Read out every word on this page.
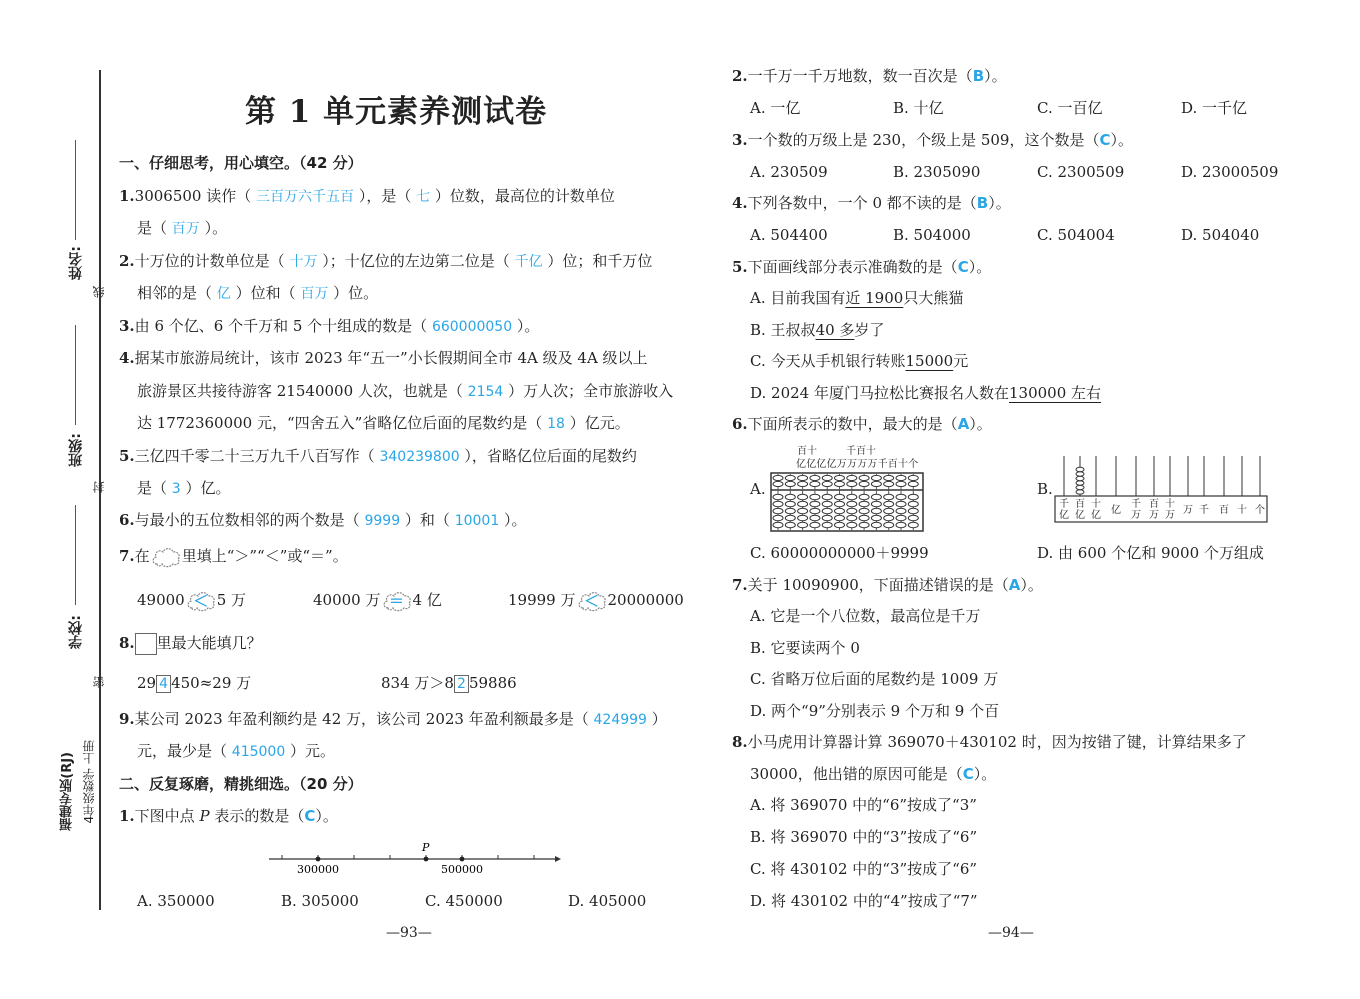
姓名:
线
班级:
封
学校:
密
福建专版(RJ) 4年级数学 上册
第 1 单元素养测试卷
一、仔细思考，用心填空。（42 分）
1.3006500 读作（ 三百万六千五百 ），是（ 七 ）位数，最高位的计数单位
是（ 百万 ）。
2.十万位的计数单位是（ 十万 ）；十亿位的左边第二位是（ 千亿 ）位；和千万位
相邻的是（ 亿 ）位和（ 百万 ）位。
3.由 6 个亿、6 个千万和 5 个十组成的数是（ 660000050 ）。
4.据某市旅游局统计，该市 2023 年“五一”小长假期间全市 4A 级及 4A 级以上
旅游景区共接待游客 21540000 人次，也就是（ 2154 ）万人次；全市旅游收入
达 1772360000 元，“四舍五入”省略亿位后面的尾数约是（ 18 ）亿元。
5.三亿四千零二十三万九千八百写作（ 340239800 ），省略亿位后面的尾数约
是（ 3 ）亿。
6.与最小的五位数相邻的两个数是（ 9999 ）和（ 10001 ）。
7.在 里填上“＞”“＜”或“＝”。
49000 ＜ 5 万	40000 万 ＝ 4 亿	19999 万 ＜ 20000000
8. 里最大能填几？
29 4 450≈29 万	834 万＞8 2 59886
9.某公司 2023 年盈利额约是 42 万，该公司 2023 年盈利额最多是（ 424999 ）
元，最少是（ 415000 ）元。
二、反复琢磨，精挑细选。（20 分）
1.下图中点 P 表示的数是（C）。
P
300000	500000
A. 350000	B. 305000	C. 450000	D. 405000
—93—
2.一千万一千万地数，数一百次是（B）。
A. 一亿	B. 十亿	C. 一百亿	D. 一千亿
3.一个数的万级上是 230，个级上是 509，这个数是（C）。
A. 230509	B. 2305090	C. 2300509	D. 23000509
4.下列各数中，一个 0 都不读的是（B）。
A. 504400	B. 504000	C. 504004	D. 504040
5.下面画线部分表示准确数的是（C）。
A. 目前我国有近 1900只大熊猫
B. 王叔叔40 多岁了
C. 今天从手机银行转账15000元
D. 2024 年厦门马拉松比赛报名人数在130000 左右
6.下面所表示的数中，最大的是（A）。
A.
百十	千百十
亿亿亿亿万万万万千百十个
B.
千
亿
百
亿
十
亿 亿
千
万
百
万
十
万 万 千 百 十 个
C. 60000000000＋9999	D. 由 600 个亿和 9000 个万组成
7.关于 10090900，下面描述错误的是（A）。
A. 它是一个八位数，最高位是千万
B. 它要读两个 0
C. 省略万位后面的尾数约是 1009 万
D. 两个“9”分别表示 9 个万和 9 个百
8.小马虎用计算器计算 369070＋430102 时，因为按错了键，计算结果多了
30000，他出错的原因可能是（C）。
A. 将 369070 中的“6”按成了“3”
B. 将 369070 中的“3”按成了“6”
C. 将 430102 中的“3”按成了“6”
D. 将 430102 中的“4”按成了“7”
—94—
